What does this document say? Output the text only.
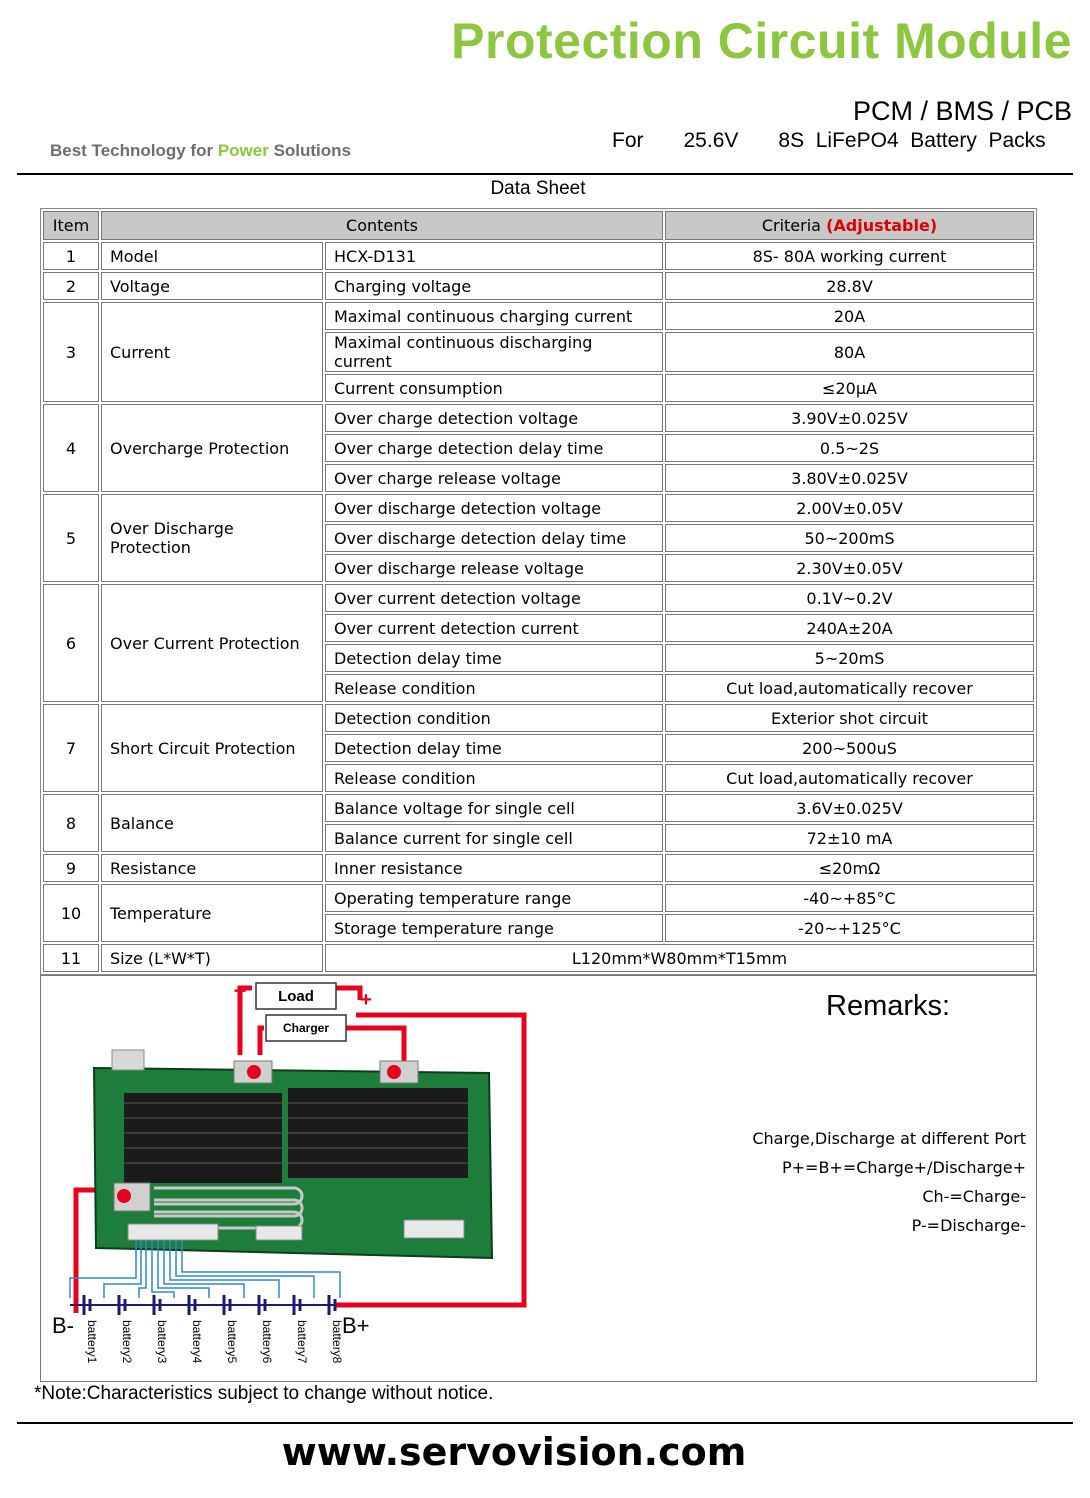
Protection Circuit Module
PCM / BMS / PCB
For 25.6V 8S  LiFePO4  Battery  Packs
Best Technology for Power Solutions
Data Sheet
Item	Contents		Criteria (Adjustable)
1	Model	HCX-D131	8S- 80A working current
2	Voltage	Charging voltage	28.8V
3	Current	Maximal continuous charging current	20A
		Maximal continuous discharging current	80A
		Current consumption	≤20μA
4	Overcharge Protection	Over charge detection voltage	3.90V±0.025V
		Over charge detection delay time	0.5~2S
		Over charge release voltage	3.80V±0.025V
5	Over Discharge Protection	Over discharge detection voltage	2.00V±0.05V
		Over discharge detection delay time	50~200mS
		Over discharge release voltage	2.30V±0.05V
6	Over Current Protection	Over current detection voltage	0.1V~0.2V
		Over current detection current	240A±20A
		Detection delay time	5~20mS
		Release condition	Cut load,automatically recover
7	Short Circuit Protection	Detection condition	Exterior shot circuit
		Detection delay time	200~500uS
		Release condition	Cut load,automatically recover
8	Balance	Balance voltage for single cell	3.6V±0.025V
		Balance current for single cell	72±10 mA
9	Resistance	Inner resistance	≤20mΩ
10	Temperature	Operating temperature range	-40~+85°C
		Storage temperature range	-20~+125°C
11	Size (L*W*T)	L120mm*W80mm*T15mm	
Load
Charger
−	+
battery1 battery2 battery3 battery4 battery5 battery6 battery7 battery8
B-	B+
Remarks:
Charge,Discharge at different Port
P+=B+=Charge+/Discharge+
Ch-=Charge-
P-=Discharge-
*Note:Characteristics subject to change without notice.
www.servovision.com
